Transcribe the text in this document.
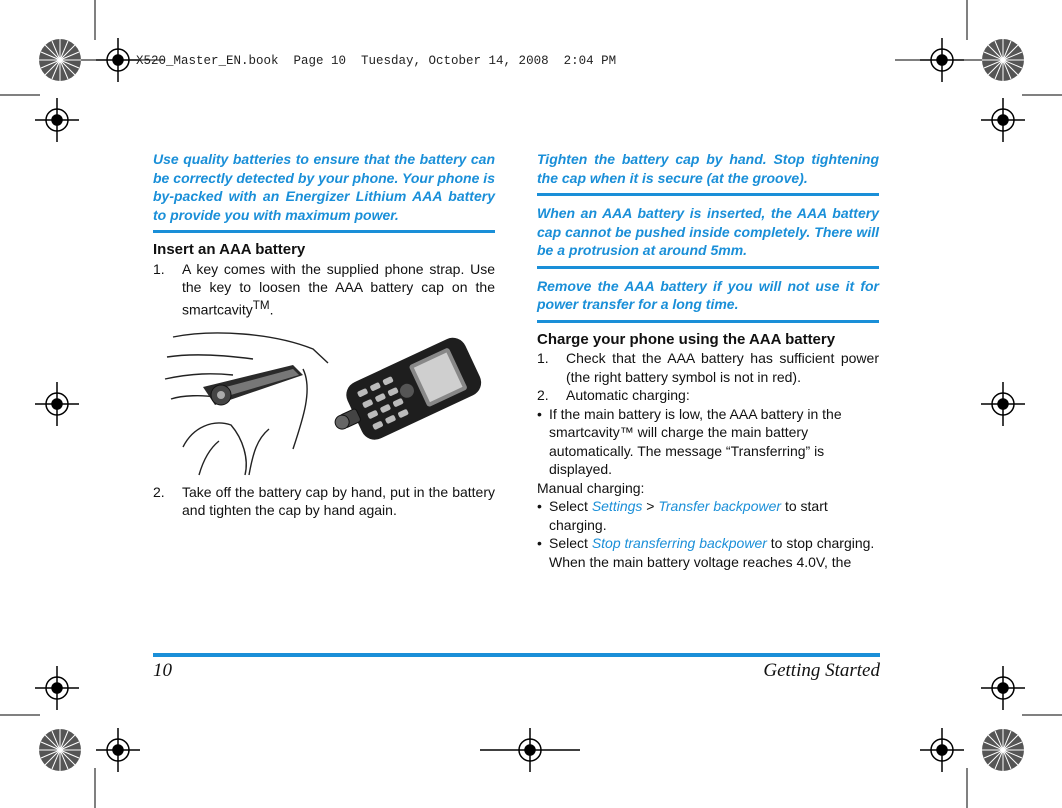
X520_Master_EN.book  Page 10  Tuesday, October 14, 2008  2:04 PM
Use quality batteries to ensure that the battery can be correctly detected by your phone. Your phone is by-packed with an Energizer Lithium AAA battery to provide you with maximum power.
Insert an AAA battery
1.	A key comes with the supplied phone strap. Use the key to loosen the AAA battery cap on the smartcavity™.
2.	Take off the battery cap by hand, put in the battery and tighten the cap by hand again.
Tighten the battery cap by hand. Stop tightening the cap when it is secure (at the groove).
When an AAA battery is inserted, the AAA battery cap cannot be pushed inside completely. There will be a protrusion at around 5mm.
Remove the AAA battery if you will not use it for power transfer for a long time.
Charge your phone using the AAA battery
1.	Check that the AAA battery has sufficient power (the right battery symbol is not in red).
2.	Automatic charging:
• If the main battery is low, the AAA battery in the smartcavity™ will charge the main battery automatically. The message “Transferring” is displayed.
Manual charging:
• Select Settings > Transfer backpower to start charging.
• Select Stop transferring backpower to stop charging.
When the main battery voltage reaches 4.0V, the
10	Getting Started
